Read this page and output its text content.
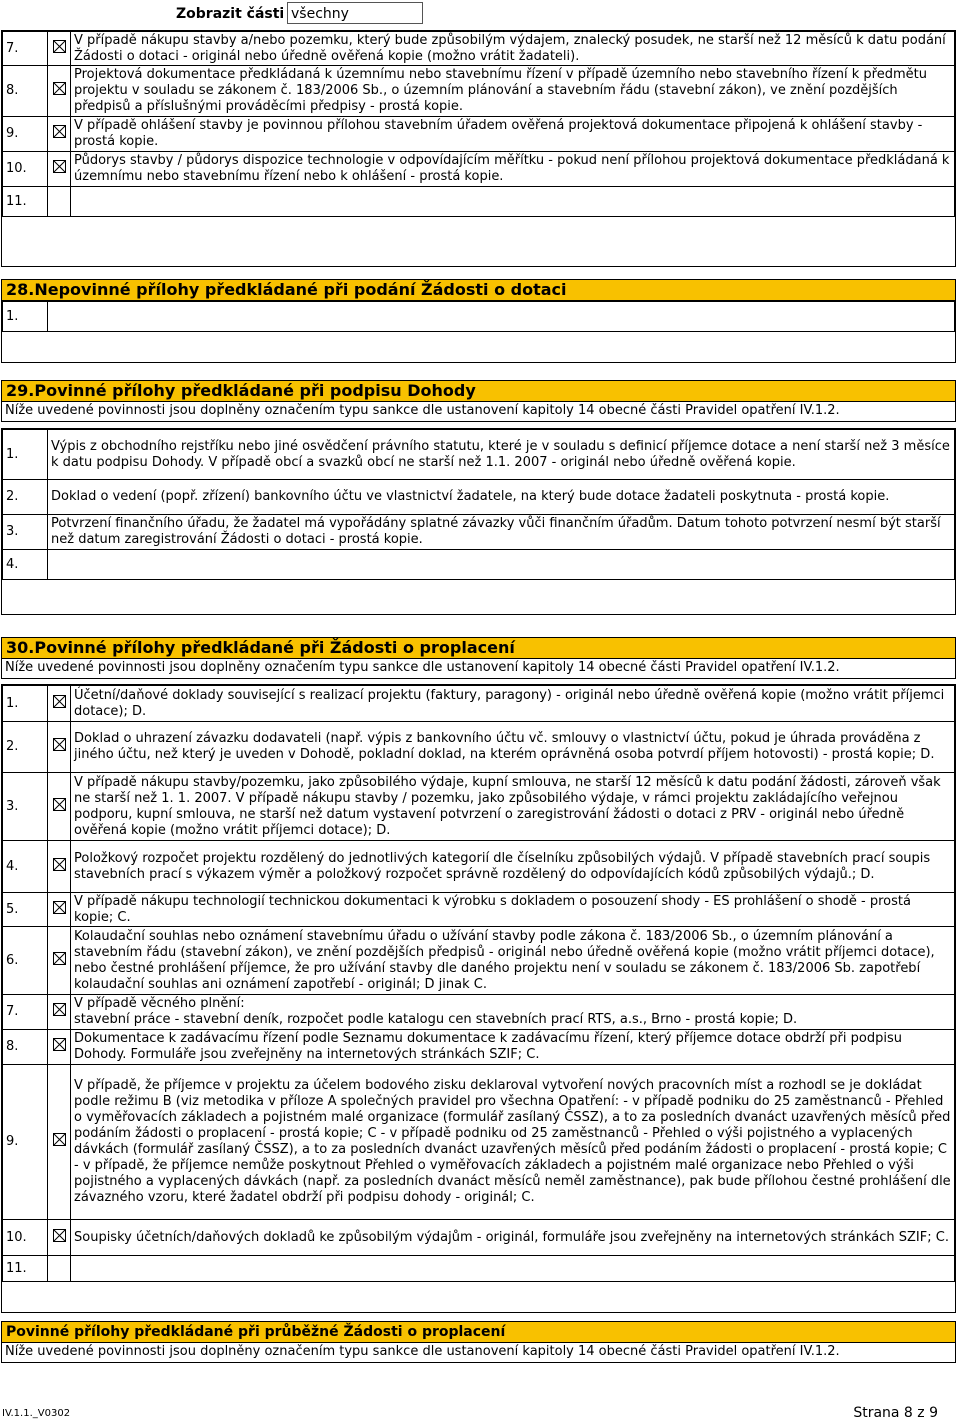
Zobrazit části všechny
7.		V případě nákupu stavby a/nebo pozemku, který bude způsobilým výdajem, znalecký posudek, ne starší než 12 měsíců k datu podání Žádosti o dotaci - originál nebo úředně ověřená kopie (možno vrátit žadateli).
8.		Projektová dokumentace předkládaná k územnímu nebo stavebnímu řízení v případě územního nebo stavebního řízení k předmětu projektu v souladu se zákonem č. 183/2006 Sb., o územním plánování a stavebním řádu (stavební zákon), ve znění pozdějších předpisů a příslušnými prováděcími předpisy - prostá kopie.
9.		V případě ohlášení stavby je povinnou přílohou stavebním úřadem ověřená projektová dokumentace připojená k ohlášení stavby - prostá kopie.
10.		Půdorys stavby / půdorys dispozice technologie v odpovídajícím měřítku - pokud není přílohou projektová dokumentace předkládaná k územnímu nebo stavebnímu řízení nebo k ohlášení - prostá kopie.
11.		

28.Nepovinné přílohy předkládané při podání Žádosti o dotaci
1.	

29.Povinné přílohy předkládané při podpisu Dohody
Níže uvedené povinnosti jsou doplněny označením typu sankce dle ustanovení kapitoly 14 obecné části Pravidel opatření IV.1.2.
1.	Výpis z obchodního rejstříku nebo jiné osvědčení právního statutu, které je v souladu s definicí příjemce dotace a není starší než 3 měsíce k datu podpisu Dohody. V případě obcí a svazků obcí ne starší než 1.1. 2007 - originál nebo úředně ověřená kopie.
2.	Doklad o vedení (popř. zřízení) bankovního účtu ve vlastnictví žadatele, na který bude dotace žadateli poskytnuta - prostá kopie.
3.	Potvrzení finančního úřadu, že žadatel má vypořádány splatné závazky vůči finančním úřadům. Datum tohoto potvrzení nesmí být starší než datum zaregistrování Žádosti o dotaci - prostá kopie.
4.	

30.Povinné přílohy předkládané při Žádosti o proplacení
Níže uvedené povinnosti jsou doplněny označením typu sankce dle ustanovení kapitoly 14 obecné části Pravidel opatření IV.1.2.
1.		Účetní/daňové doklady související s realizací projektu (faktury, paragony) - originál nebo úředně ověřená kopie (možno vrátit příjemci dotace); D.
2.		Doklad o uhrazení závazku dodavateli (např. výpis z bankovního účtu vč. smlouvy o vlastnictví účtu, pokud je úhrada prováděna z jiného účtu, než který je uveden v Dohodě, pokladní doklad, na kterém oprávněná osoba potvrdí příjem hotovosti) - prostá kopie; D.
3.		V případě nákupu stavby/pozemku, jako způsobilého výdaje, kupní smlouva, ne starší 12 měsíců k datu podání žádosti, zároveň však ne starší než 1. 1. 2007. V případě nákupu stavby / pozemku, jako způsobilého výdaje, v rámci projektu zakládajícího veřejnou podporu, kupní smlouva, ne starší než datum vystavení potvrzení o zaregistrování žádosti o dotaci z PRV - originál nebo úředně ověřená kopie (možno vrátit příjemci dotace); D.
4.		Položkový rozpočet projektu rozdělený do jednotlivých kategorií dle číselníku způsobilých výdajů. V případě stavebních prací soupis stavebních prací s výkazem výměr a položkový rozpočet správně rozdělený do odpovídajících kódů způsobilých výdajů.; D.
5.		V případě nákupu technologií technickou dokumentaci k výrobku s dokladem o posouzení shody - ES prohlášení o shodě - prostá kopie; C.
6.		Kolaudační souhlas nebo oznámení stavebnímu úřadu o užívání stavby podle zákona č. 183/2006 Sb., o územním plánování a stavebním řádu (stavební zákon), ve znění pozdějších předpisů - originál nebo úředně ověřená kopie (možno vrátit příjemci dotace), nebo čestné prohlášení příjemce, že pro užívání stavby dle daného projektu není v souladu se zákonem č. 183/2006 Sb. zapotřebí kolaudační souhlas ani oznámení zapotřebí - originál; D jinak C.
7.		V případě věcného plnění:
stavební práce - stavební deník, rozpočet podle katalogu cen stavebních prací RTS, a.s., Brno - prostá kopie; D.
8.		Dokumentace k zadávacímu řízení podle Seznamu dokumentace k zadávacímu řízení, který příjemce dotace obdrží při podpisu Dohody. Formuláře jsou zveřejněny na internetových stránkách SZIF; C.
9.		V případě, že příjemce v projektu za účelem bodového zisku deklaroval vytvoření nových pracovních míst a rozhodl se je dokládat podle režimu B (viz metodika v příloze A společných pravidel pro všechna Opatření: - v případě podniku do 25 zaměstnanců - Přehled o vyměřovacích základech a pojistném malé organizace (formulář zasílaný ČSSZ), a to za posledních dvanáct uzavřených měsíců před podáním žádosti o proplacení - prostá kopie; C - v případě podniku od 25 zaměstnanců - Přehled o výši pojistného a vyplacených dávkách (formulář zasílaný ČSSZ), a to za posledních dvanáct uzavřených měsíců před podáním žádosti o proplacení - prostá kopie; C - v případě, že příjemce nemůže poskytnout Přehled o vyměřovacích základech a pojistném malé organizace nebo Přehled o výši pojistného a vyplacených dávkách (např. za posledních dvanáct měsíců neměl zaměstnance), pak bude přílohou čestné prohlášení dle závazného vzoru, které žadatel obdrží při podpisu dohody - originál; C.
10.		Soupisky účetních/daňových dokladů ke způsobilým výdajům - originál, formuláře jsou zveřejněny na internetových stránkách SZIF; C.
11.		

Povinné přílohy předkládané při průběžné Žádosti o proplacení
Níže uvedené povinnosti jsou doplněny označením typu sankce dle ustanovení kapitoly 14 obecné části Pravidel opatření IV.1.2.
IV.1.1._V0302	Strana 8 z 9
